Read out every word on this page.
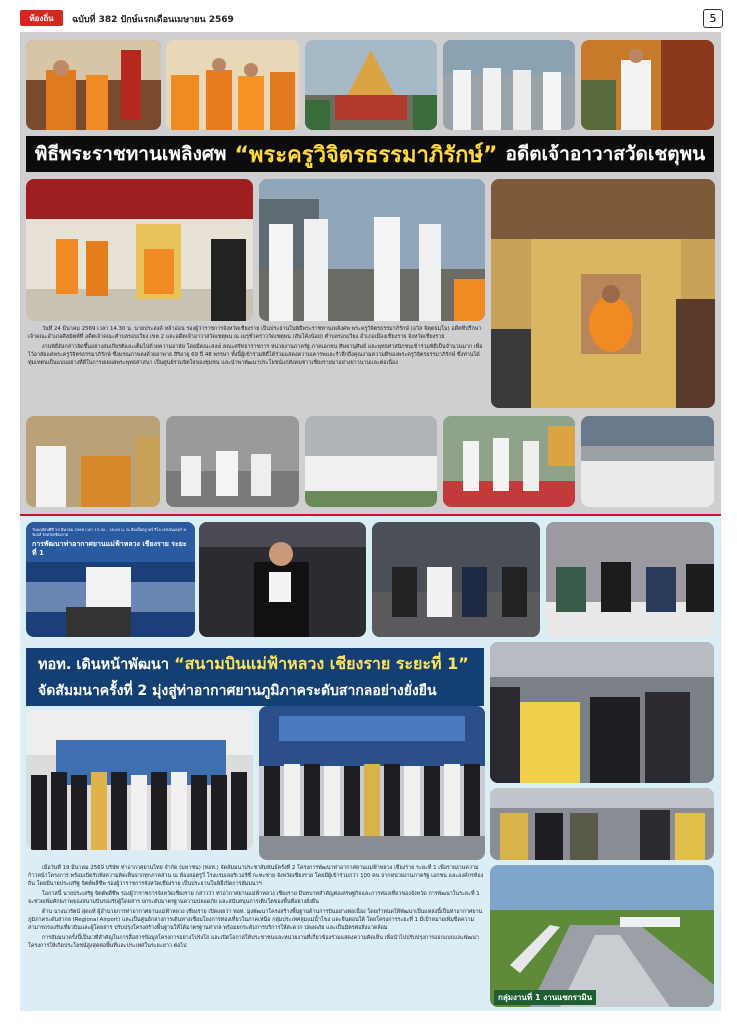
ท้องถิ่น ฉบับที่ 382 ปักษ์แรกเดือนเมษายน 2569	5
พิธีพระราชทานเพลิงศพ “พระครูวิจิตรธรรมาภิรักษ์” อดีตเจ้าอาวาสวัดเชตุพน

วันที่ 24 มีนาคม 2569 เวลา 14.30 น. นายประสงค์ หล้าอ่อน รองผู้ว่าราชการจังหวัดเชียงราย เป็นประธานในพิธีพระราชทานเพลิงศพ พระครูวิจิตรธรรมาภิรักษ์ (อวิล จิตฺตธมฺโม) อดีตที่ปรึกษาเจ้าคณะอำเภอศิลมิตต์ที่ อดีตเจ้าคณะตำบลรอบเวียง เขต 2 และอดีตเจ้าอาวาสวัดเชตุพน ณ เมรุชั่วคราววัดเชตุพน (สันโค้งน้อย) ตำบลรอบเวียง อำเภอเมืองเชียงราย จังหวัดเชียงราย

งานพิธีดังกล่าวจัดขึ้นอย่างสมเกียรติและเต็มไปด้วยความอาลัย โดยมีคณะสงฆ์ คณะศรัทธาราชการ หน่วยงานภาครัฐ ภาคเอกชน ศิษยานุศิษย์ และพุทธศาสนิกชนเข้าร่วมพิธีเป็นจำนวนมาก เพื่อไว้อาลัยแด่พระครูวิจิตรธรรมาภิรักษ์ ซึ่งมรณภาพลงด้วยอาพาธ สิริอายุ 69 ปี 48 พรรษา ทั้งนี้ผู้เข้าร่วมพิธีได้ร่วมแสดงความเคารพและรำลึกถึงคุณงามความดีของพระครูวิจิตรธรรมาภิรักษ์ ซึ่งท่านได้ทุ่มเทตนเป็นแบบอย่างที่ดีในการเผยแผ่พระพุทธศาสนา เป็นศูนย์รวมจิตใจของชุมชน และนำพาพัฒนาประโยชน์แก่สังคมชาวเชียงรายมาอย่างยาวนานและต่อเนื่อง

วันพฤหัสบดีที่ 19 มีนาคม 2569 เวลา 13.00 - 16.00 น. ณ ห้องล็อตรูวอร์ รีโอ เรสเซนเดอร์ ฟรัมปส์ จังหวัดเชียงราย
การพัฒนาท่าอากาศยานแม่ฟ้าหลวง เชียงราย ระยะที่ 1
ทอท. เดินหน้าพัฒนา “สนามบินแม่ฟ้าหลวง เชียงราย ระยะที่ 1”
จัดสัมมนาครั้งที่ 2 มุ่งสู่ท่าอากาศยานภูมิภาคระดับสากลอย่างยั่งยืน

เมื่อวันที่ 19 มีนาคม 2569 บริษัท ท่าอากาศยานไทย จำกัด (มหาชน) (ทอท.) จัดสัมมนาประชาสัมพันธ์ครั้งที่ 2 โครงการพัฒนาท่าอากาศยานแม่ฟ้าหลวง เชียงราย ระยะที่ 1 เพื่อรายงานความก้าวหน้าโครงการ พร้อมเปิดรับฟังความคิดเห็นจากทุกภาคส่วน ณ ห้องลอตรูวี่ โรงแรมเลอริเวอร์ซี่ กะทะชาย จังหวัดเชียงราย โดยมีผู้เข้าร่วมกว่า 100 คน จากหน่วยงานภาครัฐ เอกชน และองค์กรท้องถิ่น โดยมีนายประเสริฐ จิตต์พลีชีพ รองผู้ว่าราชการจังหวัดเชียงราย เป็นประธานในพิธีเปิดการสัมมนาฯ

โอกาสนี้ นายประเสริฐ จิตต์พลีชีพ รองผู้ว่าราชการจังหวัดเชียงราย กล่าวว่า ท่าอากาศยานแม่ฟ้าหลวง เชียงราย มีบทบาทสำคัญต่อเศรษฐกิจและการท่องเที่ยวของจังหวัด การพัฒนาในระยะที่ 1 จะช่วยเพิ่มศักยภาพของสนามบินรองรับผู้โดยสาร ยกระดับมาตรฐานความปลอดภัย และสนับสนุนการเติบโตของพื้นที่อย่างยั่งยืน

ด้าน นางนวรัตน์ สุดแท้ ผู้อำนวยการท่าอากาศยานแม่ฟ้าหลวง เชียงราย เปิดเผยว่า ทอท. มุ่งพัฒนาโครงสร้างพื้นฐานด้านการบินอย่างต่อเนื่อง โดยกำหนดให้พัฒนาเป็นแหล่งนี้เป็นท่าอากาศยานภูมิภาคระดับสากล (Regional Airport) และเป็นศูนย์กลางการเดินทางเชื่อมโยงการท่องเที่ยวในภาคเหนือ กลุ่มประเทศลุ่มแม่น้ำโขง และจีนตอนใต้ โดยโครงการระยะที่ 1 มีเป้าหมายเพิ่มขีดความสามารถรองรับเที่ยวบินและผู้โดยสาร ปรับปรุงโครงสร้างพื้นฐานให้ได้มาตรฐานสากล พร้อมยกระดับการบริการให้สะดวก ปลอดภัย และเป็นมิตรต่อสิ่งแวดล้อม

การสัมมนาครั้งนี้เป็นเวทีสำคัญในการสื่อสารข้อมูลโครงการอย่างโปร่งใส และเปิดโอกาสให้ประชาชนและหน่วยงานที่เกี่ยวข้องร่วมแสดงความคิดเห็น เพื่อนำไปปรับปรุงการออกแบบและพัฒนาโครงการให้เกิดประโยชน์สูงสุดต่อพื้นที่และประเทศในระยะยาว ต่อไป

กลุ่มงานที่ 1 งานแซกรามิน
